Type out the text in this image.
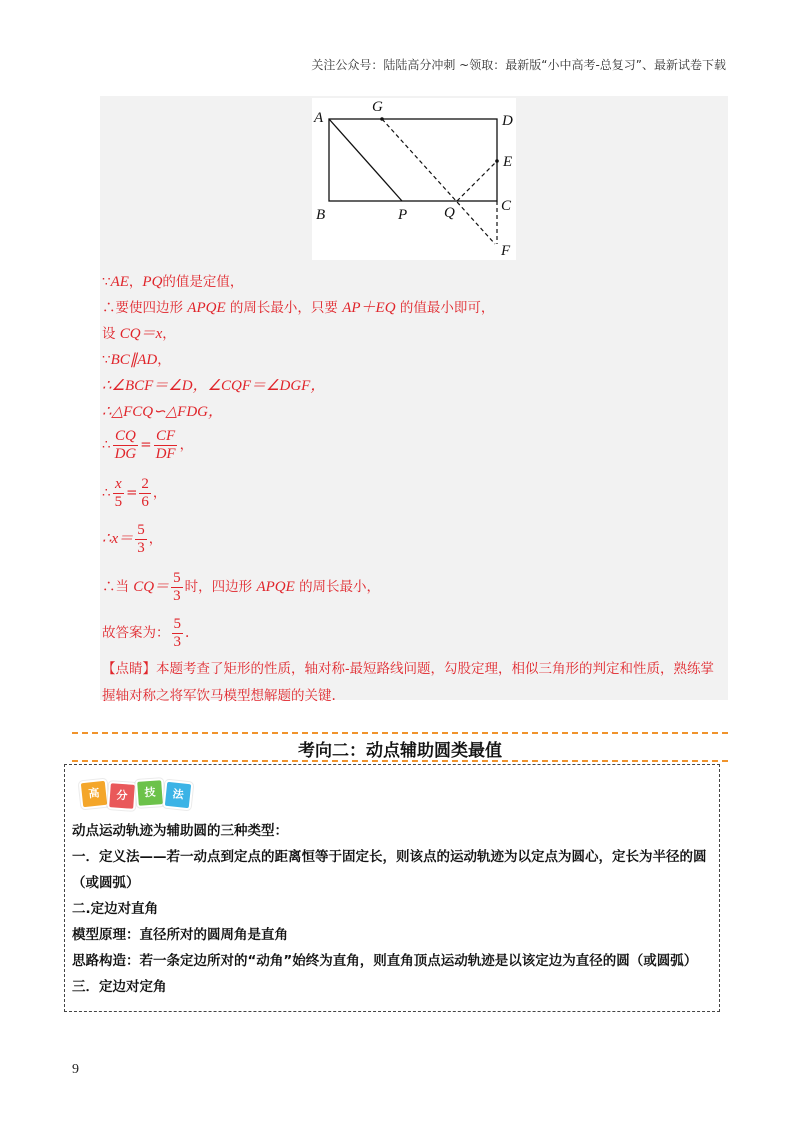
关注公众号：陆陆高分冲刺 ~领取：最新版“小中高考-总复习”、最新试卷下载
A
G
D
E
B	P Q	C
F
∵AE，PQ的值是定值，
∴要使四边形 APQE 的周长最小，只要 AP＋EQ 的值最小即可，
设 CQ＝x，
∵BC∥AD，
∴∠BCF＝∠D，∠CQF＝∠DGF，
∴△FCQ∽△FDG，
∴ $\frac{CQ}{DG} = \frac{CF}{DF}$ ，
∴ $\frac{x}{5} = \frac{2}{6}$ ，
∴x＝ $\frac{5}{3}$ ，
∴当 $CQ= \frac{5}{3}$ 时，四边形 APQE 的周长最小，
故答案为： $\frac{5}{3}$ .
【点睛】本题考查了矩形的性质，轴对称-最短路线问题，勾股定理，相似三角形的判定和性质，熟练掌握轴对称之将军饮马模型想解题的关键.
考向二：动点辅助圆类最值
高	分	技	法
动点运动轨迹为辅助圆的三种类型：
一．定义法——若一动点到定点的距离恒等于固定长，则该点的运动轨迹为以定点为圆心，定长为半径的圆（或圆弧）
二.定边对直角
模型原理：直径所对的圆周角是直角
思路构造：若一条定边所对的“动角”始终为直角，则直角顶点运动轨迹是以该定边为直径的圆（或圆弧）
三．定边对定角
9
